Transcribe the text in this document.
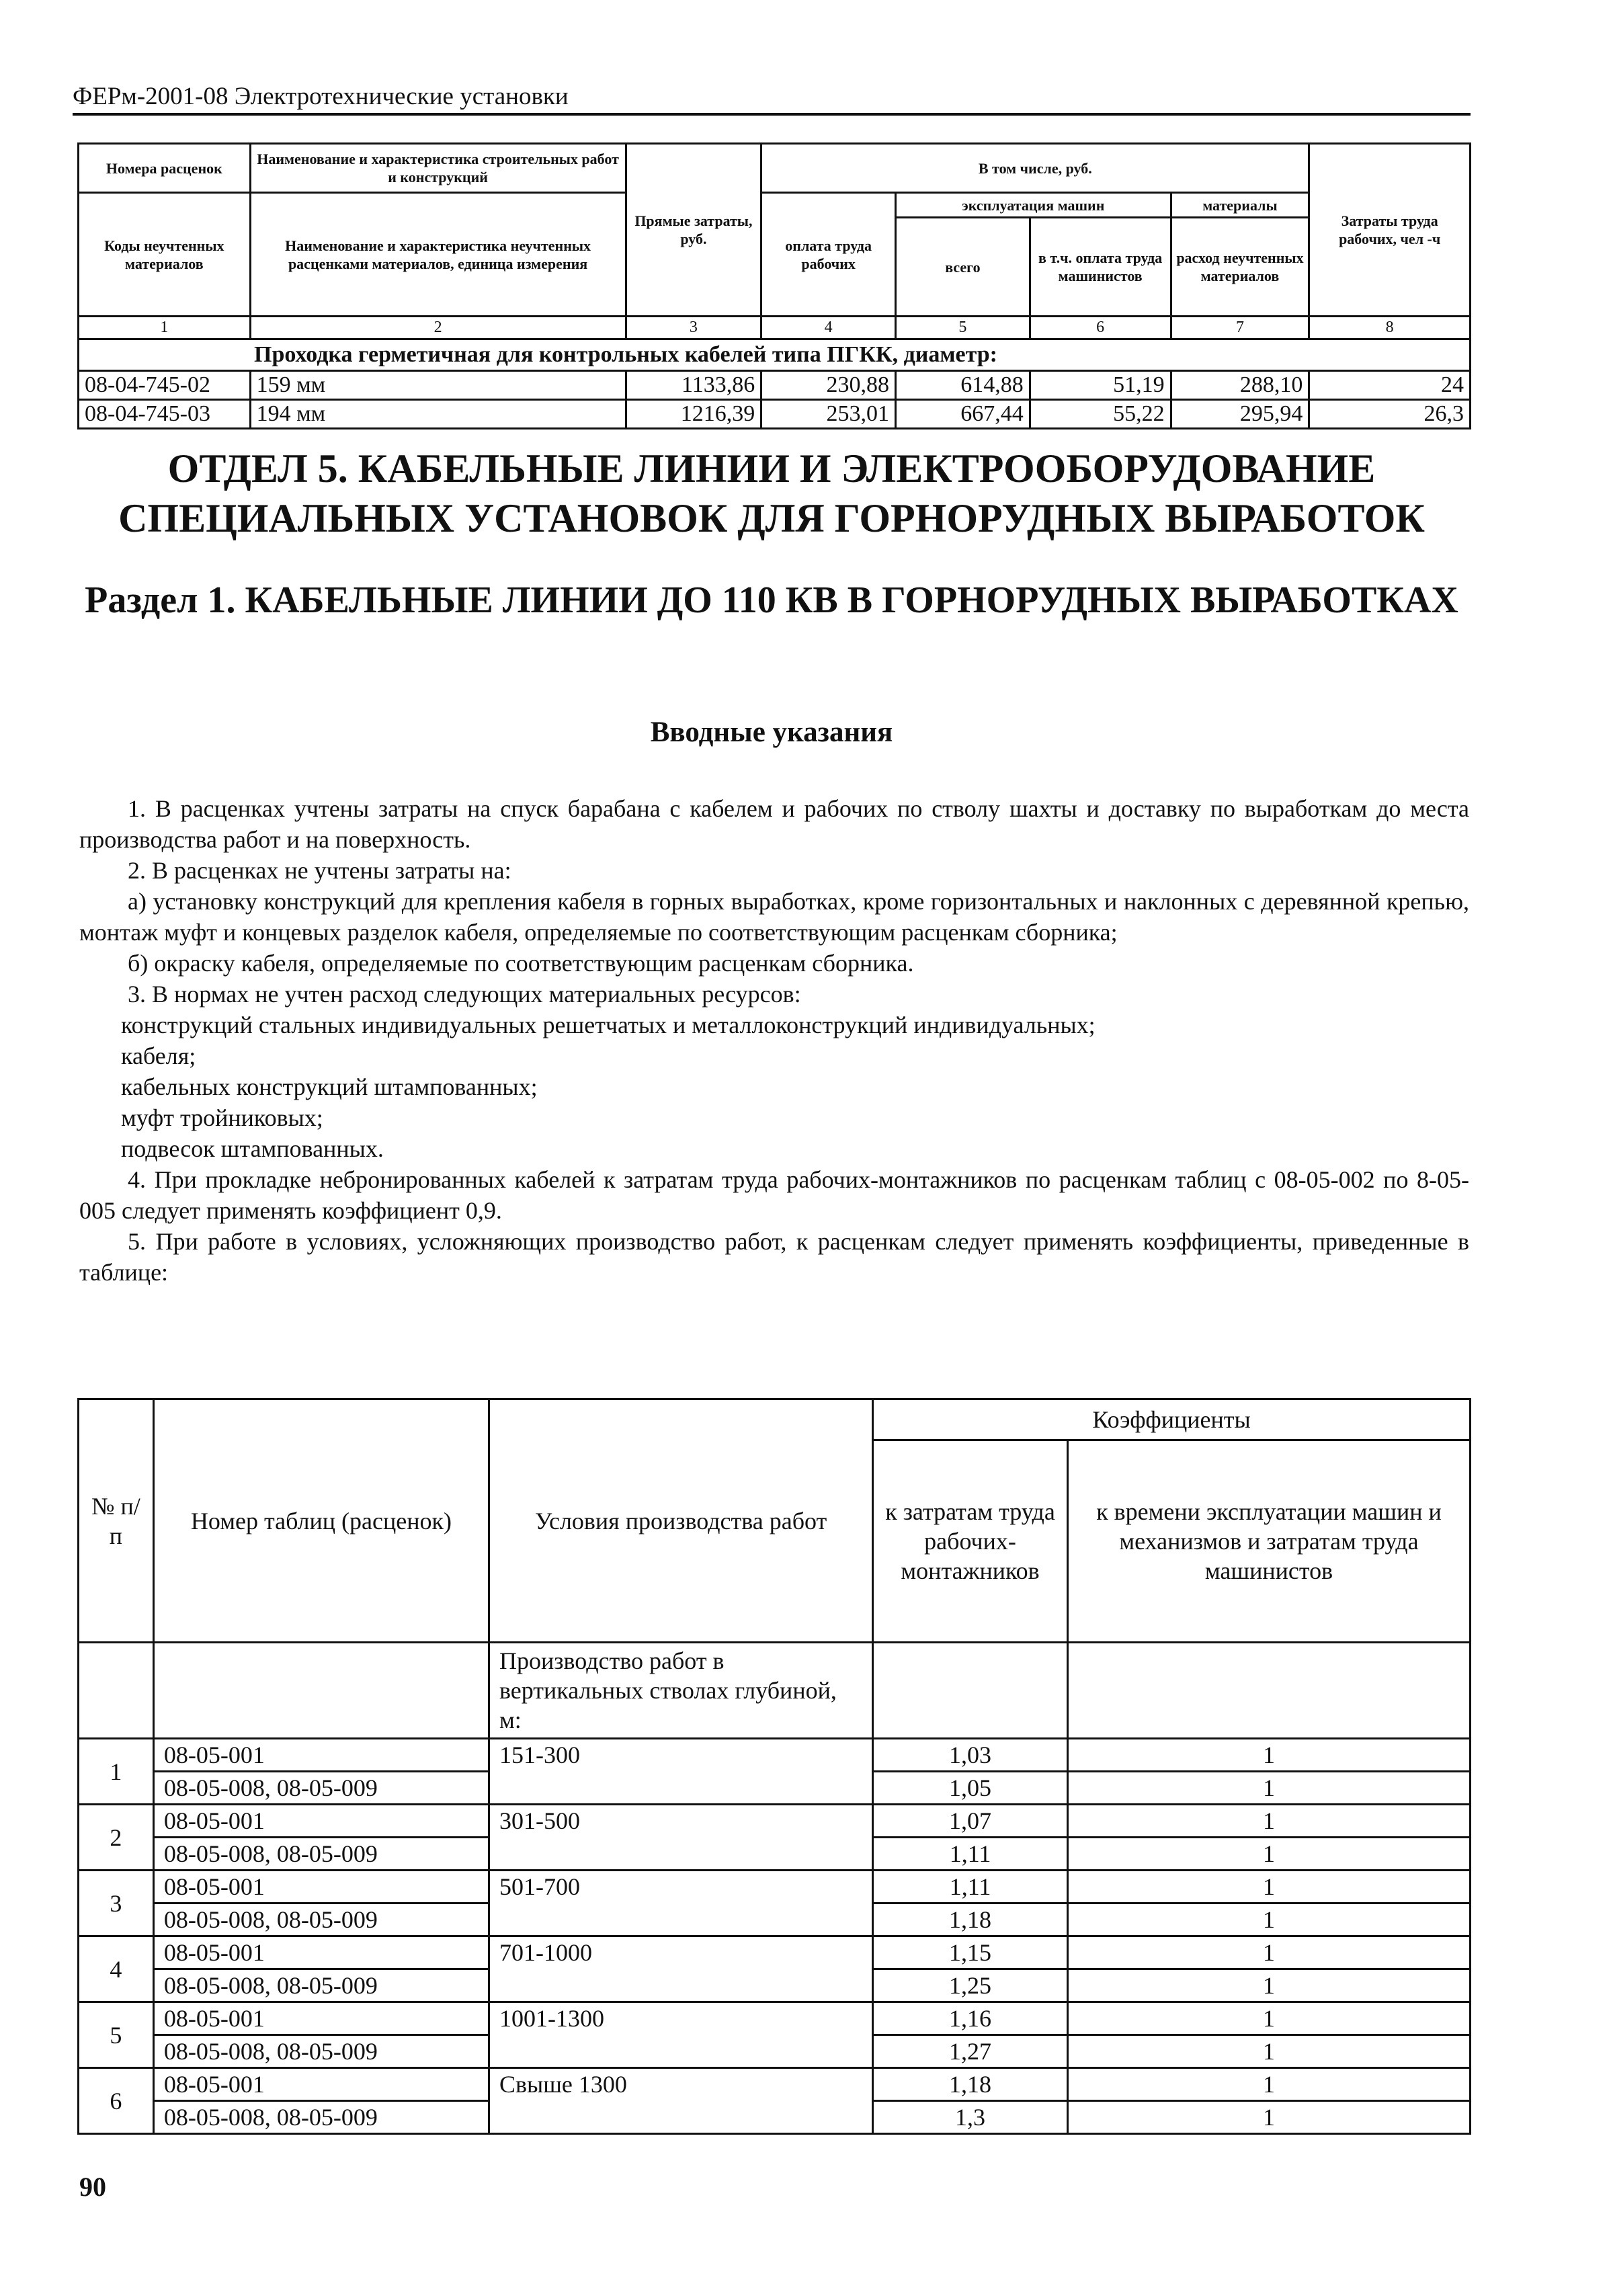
ФЕРм-2001-08 Электротехнические установки
Номера расценок	Наименование и характеристика строительных работ и конструкций	Прямые затраты, руб.	В том числе, руб.				Затраты труда рабочих, чел -ч
Коды неучтенных материалов	Наименование и характеристика неучтенных расценками материалов, единица измерения		оплата труда рабочих	эксплуатация машин		материалы	
				всего	в т.ч. оплата труда машинистов	расход неучтенных материалов	

1	2	3	4	5	6	7	8
Проходка герметичная для контрольных кабелей типа ПГКК, диаметр:							
08-04-745-02	159 мм	1133,86	230,88	614,88	51,19	288,10	24
08-04-745-03	194 мм	1216,39	253,01	667,44	55,22	295,94	26,3
ОТДЕЛ 5. КАБЕЛЬНЫЕ ЛИНИИ И ЭЛЕКТРООБОРУДОВАНИЕ СПЕЦИАЛЬНЫХ УСТАНОВОК ДЛЯ ГОРНОРУДНЫХ ВЫРАБОТОК
Раздел 1. КАБЕЛЬНЫЕ ЛИНИИ ДО 110 КВ В ГОРНОРУДНЫХ ВЫРАБОТКАХ
Вводные указания

1. В расценках учтены затраты на спуск барабана с кабелем и рабочих по стволу шахты и доставку по выработкам до места производства работ и на поверхность.

2. В расценках не учтены затраты на:

а) установку конструкций для крепления кабеля в горных выработках, кроме горизонтальных и наклонных с деревянной крепью, монтаж муфт и концевых разделок кабеля, определяемые по соответствующим расценкам сборника;

б) окраску кабеля, определяемые по соответствующим расценкам сборника.

3. В нормах не учтен расход следующих материальных ресурсов:

конструкций стальных индивидуальных решетчатых и металлоконструкций индивидуальных;

кабеля;

кабельных конструкций штампованных;

муфт тройниковых;

подвесок штампованных.

4. При прокладке небронированных кабелей к затратам труда рабочих-монтажников по расценкам таблиц с 08-05-002 по 8-05-005 следует применять коэффициент 0,9.

5. При работе в условиях, усложняющих производство работ, к расценкам следует применять коэффициенты, приведенные в таблице:

№ п/п	Номер таблиц (расценок)	Условия производства работ	Коэффициенты	
			к затратам труда рабочих-монтажников	к времени эксплуатации машин и механизмов и затратам труда машинистов
		Производство работ в вертикальных стволах глубиной, м:		
1	08-05-001	151-300	1,03	1
	08-05-008, 08-05-009		1,05	1
2	08-05-001	301-500	1,07	1
	08-05-008, 08-05-009		1,11	1
3	08-05-001	501-700	1,11	1
	08-05-008, 08-05-009		1,18	1
4	08-05-001	701-1000	1,15	1
	08-05-008, 08-05-009		1,25	1
5	08-05-001	1001-1300	1,16	1
	08-05-008, 08-05-009		1,27	1
6	08-05-001	Свыше 1300	1,18	1
	08-05-008, 08-05-009		1,3	1
90
